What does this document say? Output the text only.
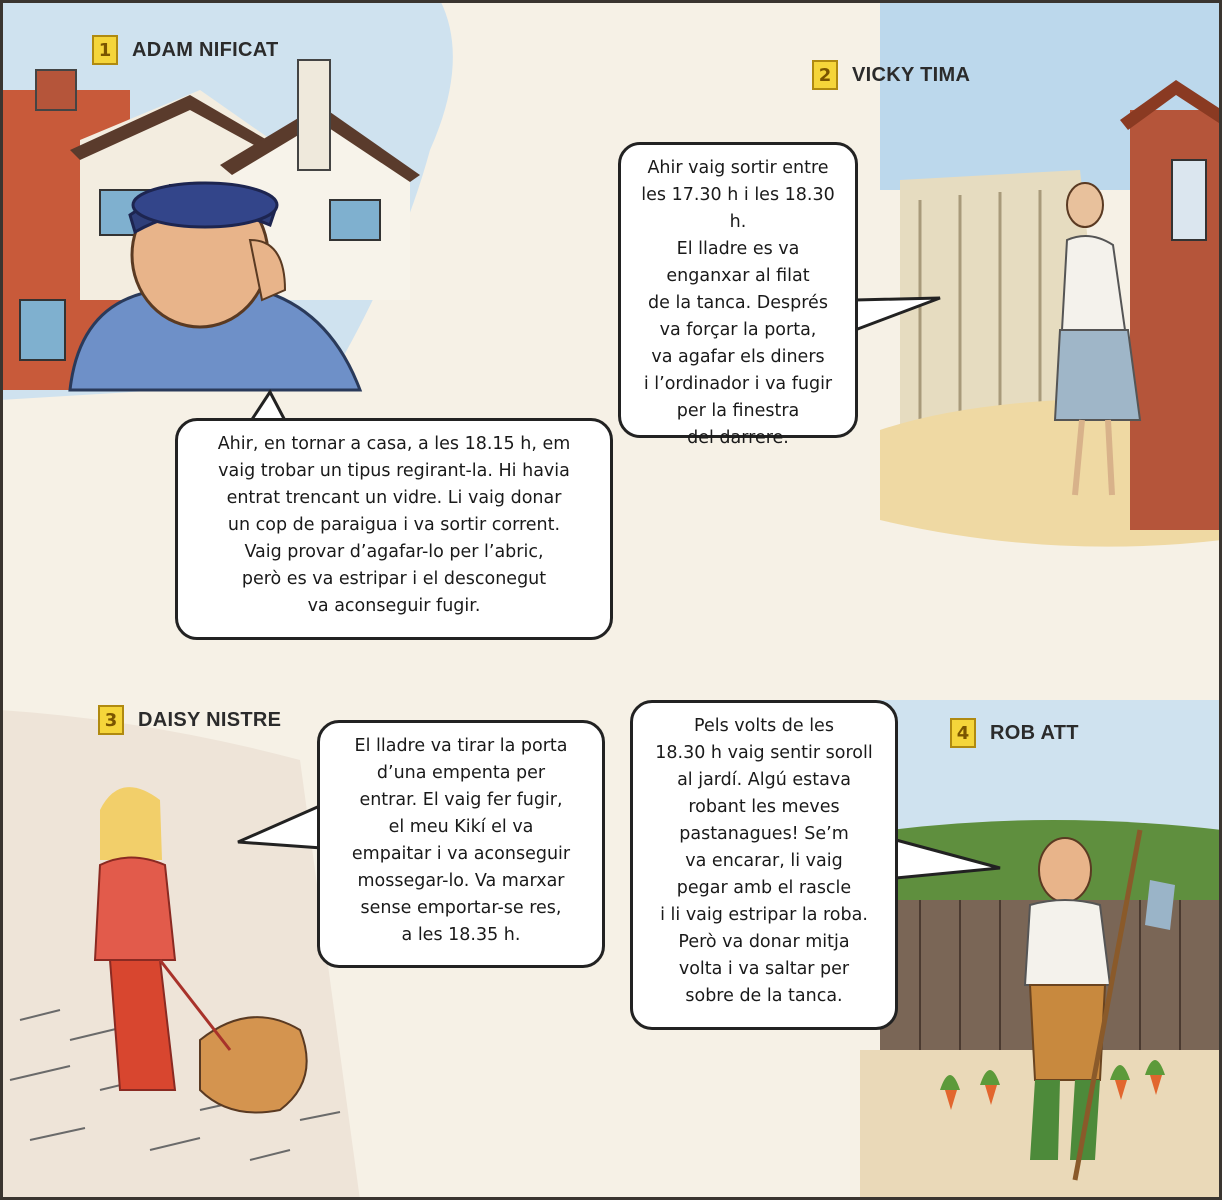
1	ADAM NIFICAT
2	VICKY TIMA
3	DAISY NISTRE
4	ROB ATT
Ahir, en tornar a casa, a les 18.15 h, em
vaig trobar un tipus regirant-la. Hi havia
entrat trencant un vidre. Li vaig donar
un cop de paraigua i va sortir corrent.
Vaig provar d’agafar-lo per l’abric,
però es va estripar i el desconegut
va aconseguir fugir.
Ahir vaig sortir entre
les 17.30 h i les 18.30 h.
El lladre es va
enganxar al filat
de la tanca. Després
va forçar la porta,
va agafar els diners
i l’ordinador i va fugir
per la finestra
del darrere.
El lladre va tirar la porta
d’una empenta per
entrar. El vaig fer fugir,
el meu Kikí el va
empaitar i va aconseguir
mossegar-lo. Va marxar
sense emportar-se res,
a les 18.35 h.
Pels volts de les
18.30 h vaig sentir soroll
al jardí. Algú estava
robant les meves
pastanagues! Se’m
va encarar, li vaig
pegar amb el rascle
i li vaig estripar la roba.
Però va donar mitja
volta i va saltar per
sobre de la tanca.
